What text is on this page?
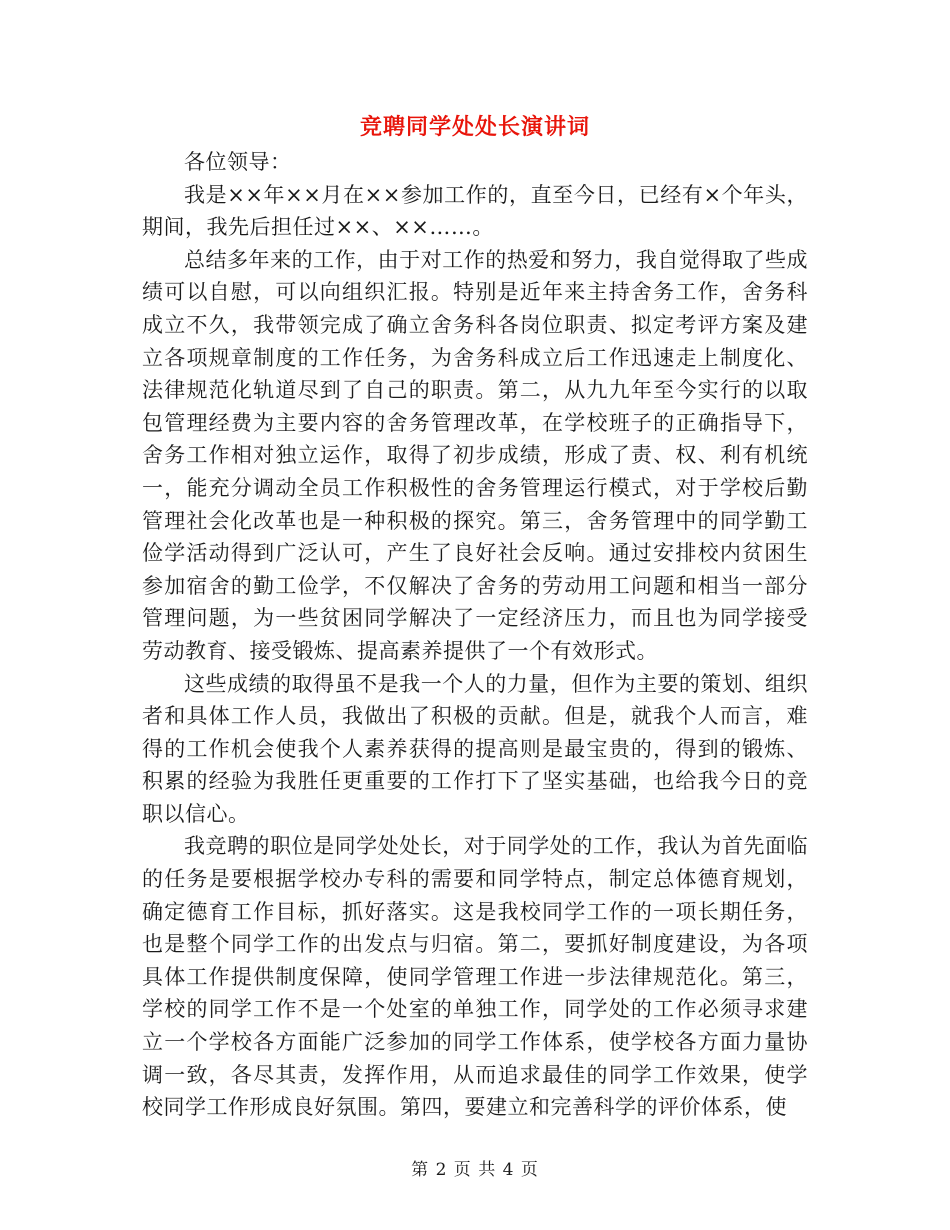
竞聘同学处处长演讲词

各位领导：

我是××年××月在××参加工作的，直至今日，已经有×个年头，期间，我先后担任过××、××……。

总结多年来的工作，由于对工作的热爱和努力，我自觉得取了些成绩可以自慰，可以向组织汇报。特别是近年来主持舍务工作，舍务科成立不久，我带领完成了确立舍务科各岗位职责、拟定考评方案及建立各项规章制度的工作任务，为舍务科成立后工作迅速走上制度化、法律规范化轨道尽到了自己的职责。第二，从九九年至今实行的以取包管理经费为主要内容的舍务管理改革，在学校班子的正确指导下，舍务工作相对独立运作，取得了初步成绩，形成了责、权、利有机统一，能充分调动全员工作积极性的舍务管理运行模式，对于学校后勤管理社会化改革也是一种积极的探究。第三，舍务管理中的同学勤工俭学活动得到广泛认可，产生了良好社会反响。通过安排校内贫困生参加宿舍的勤工俭学，不仅解决了舍务的劳动用工问题和相当一部分管理问题，为一些贫困同学解决了一定经济压力，而且也为同学接受劳动教育、接受锻炼、提高素养提供了一个有效形式。

这些成绩的取得虽不是我一个人的力量，但作为主要的策划、组织者和具体工作人员，我做出了积极的贡献。但是，就我个人而言，难得的工作机会使我个人素养获得的提高则是最宝贵的，得到的锻炼、积累的经验为我胜任更重要的工作打下了坚实基础，也给我今日的竞职以信心。

我竞聘的职位是同学处处长，对于同学处的工作，我认为首先面临的任务是要根据学校办专科的需要和同学特点，制定总体德育规划，确定德育工作目标，抓好落实。这是我校同学工作的一项长期任务，也是整个同学工作的出发点与归宿。第二，要抓好制度建设，为各项具体工作提供制度保障，使同学管理工作进一步法律规范化。第三，学校的同学工作不是一个处室的单独工作，同学处的工作必须寻求建立一个学校各方面能广泛参加的同学工作体系，使学校各方面力量协调一致，各尽其责，发挥作用，从而追求最佳的同学工作效果，使学校同学工作形成良好氛围。第四，要建立和完善科学的评价体系，使

第 2 页 共 4 页
